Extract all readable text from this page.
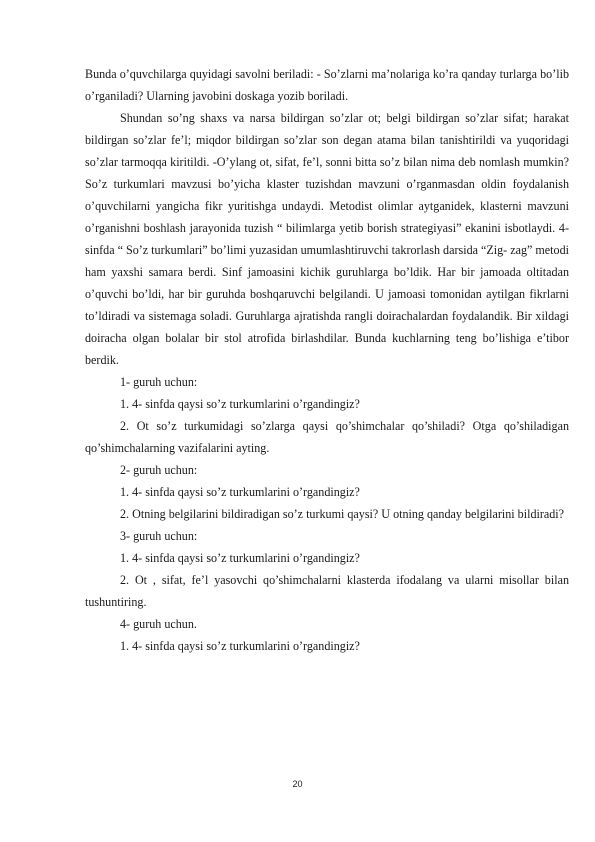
Bunda o’quvchilarga quyidagi savolni beriladi: - So’zlarni ma’nolariga ko’ra qanday turlarga bo’lib o’rganiladi? Ularning javobini doskaga yozib boriladi.

Shundan so’ng shaxs va narsa bildirgan so’zlar ot; belgi bildirgan so’zlar sifat; harakat bildirgan so’zlar fe’l; miqdor bildirgan so’zlar son degan atama bilan tanishtirildi va yuqoridagi so’zlar tarmoqqa kiritildi. -O’ylang ot, sifat, fe’l, sonni bitta so’z bilan nima deb nomlash mumkin? So’z turkumlari mavzusi bo’yicha klaster tuzishdan mavzuni o’rganmasdan oldin foydalanish o’quvchilarni yangicha fikr yuritishga undaydi. Metodist olimlar aytganidek, klasterni mavzuni o’rganishni boshlash jarayonida tuzish “ bilimlarga yetib borish strategiyasi” ekanini isbotlaydi. 4- sinfda “ So’z turkumlari” bo’limi yuzasidan umumlashtiruvchi takrorlash darsida “Zig- zag” metodi ham yaxshi samara berdi. Sinf jamoasini kichik guruhlarga bo’ldik. Har bir jamoada oltitadan o’quvchi bo’ldi, har bir guruhda boshqaruvchi belgilandi. U jamoasi tomonidan aytilgan fikrlarni to’ldiradi va sistemaga soladi. Guruhlarga ajratishda rangli doirachalardan foydalandik. Bir xildagi doiracha olgan bolalar bir stol atrofida birlashdilar. Bunda kuchlarning teng bo’lishiga e’tibor berdik.

1- guruh uchun:

1. 4- sinfda qaysi so’z turkumlarini o’rgandingiz?

2. Ot so’z turkumidagi so’zlarga qaysi qo’shimchalar qo’shiladi? Otga qo’shiladigan qo’shimchalarning vazifalarini ayting.

2- guruh uchun:

1. 4- sinfda qaysi so’z turkumlarini o’rgandingiz?

2. Otning belgilarini bildiradigan so’z turkumi qaysi? U otning qanday belgilarini bildiradi?

3- guruh uchun:

1. 4- sinfda qaysi so’z turkumlarini o’rgandingiz?

2. Ot , sifat, fe’l yasovchi qo’shimchalarni klasterda ifodalang va ularni misollar bilan tushuntiring.

4- guruh uchun.

1. 4- sinfda qaysi so’z turkumlarini o’rgandingiz?

20
